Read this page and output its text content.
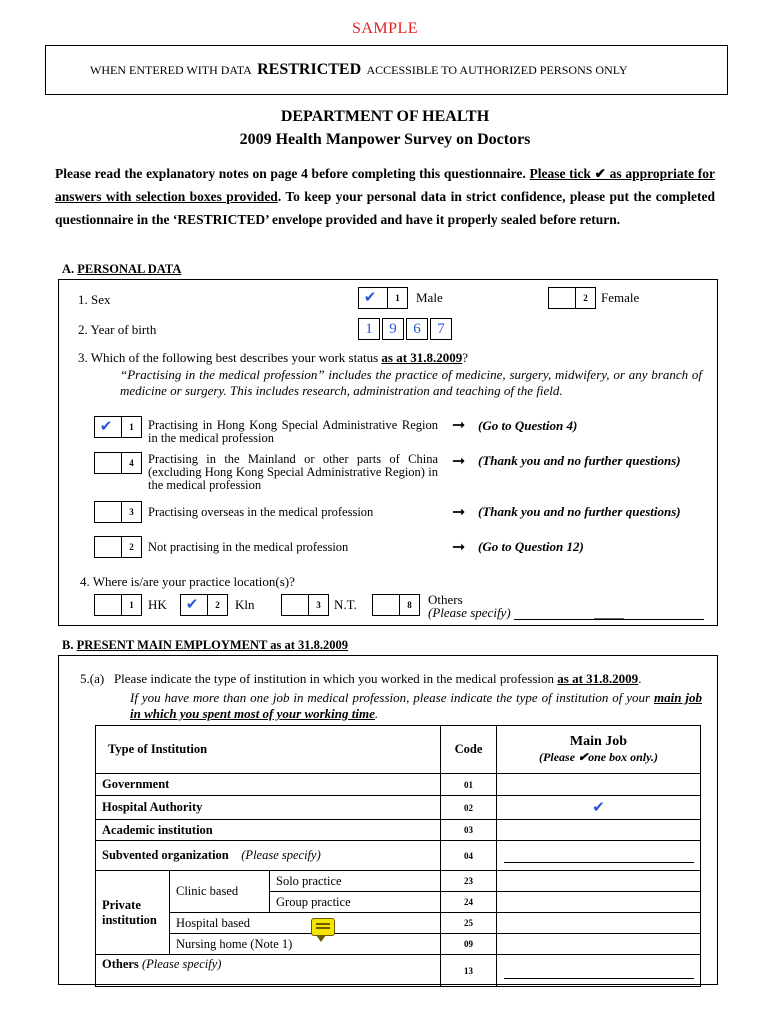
SAMPLE
WHEN ENTERED WITH DATA RESTRICTED ACCESSIBLE TO AUTHORIZED PERSONS ONLY
DEPARTMENT OF HEALTH
2009 Health Manpower Survey on Doctors
Please read the explanatory notes on page 4 before completing this questionnaire. Please tick ✔ as appropriate for answers with selection boxes provided. To keep your personal data in strict confidence, please put the completed questionnaire in the ‘RESTRICTED’ envelope provided and have it properly sealed before return.
A. PERSONAL DATA
1. Sex	✔	1	Male	2	Female
2. Year of birth	1	9	6	7
3. Which of the following best describes your work status as at 31.8.2009?
“Practising in the medical profession” includes the practice of medicine, surgery, midwifery, or any branch of medicine or surgery. This includes research, administration and teaching of the field.
✔	1	Practising in Hong Kong Special Administrative Region in the medical profession
➞ (Go to Question 4)
4	Practising in the Mainland or other parts of China (excluding Hong Kong Special Administrative Region) in the medical profession
➞ (Thank you and no further questions)
3	Practising overseas in the medical profession	➞ (Thank you and no further questions)
2	Not practising in the medical profession	➞ (Go to Question 12)
4. Where is/are your practice location(s)?
1	HK	✔	2	Kln	3	N.T.	8	Others
(Please specify)	_____
B. PRESENT MAIN EMPLOYMENT as at 31.8.2009
5.(a) Please indicate the type of institution in which you worked in the medical profession as at 31.8.2009.
If you have more than one job in medical profession, please indicate the type of institution of your main job in which you spent most of your working time.
Type of Institution			Code	Main Job
(Please ✔one box only.)

Government			01	
Hospital Authority			02	✔
Academic institution			03	
Subvented organization (Please specify)			04	

Private
institution	Clinic based	Solo practice	23	
		Group practice	24	
	Hospital based		25	
	Nursing home (Note 1)		09	
Others (Please specify)			13	
